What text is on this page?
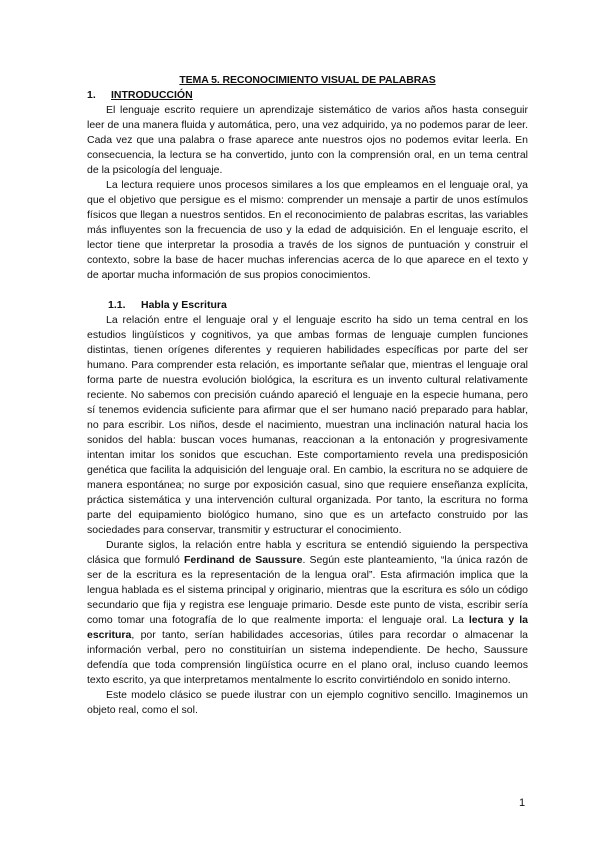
TEMA 5. RECONOCIMIENTO VISUAL DE PALABRAS
1.	INTRODUCCIÓN

El lenguaje escrito requiere un aprendizaje sistemático de varios años hasta conseguir leer de una manera fluida y automática, pero, una vez adquirido, ya no podemos parar de leer. Cada vez que una palabra o frase aparece ante nuestros ojos no podemos evitar leerla. En consecuencia, la lectura se ha convertido, junto con la comprensión oral, en un tema central de la psicología del lenguaje.

La lectura requiere unos procesos similares a los que empleamos en el lenguaje oral, ya que el objetivo que persigue es el mismo: comprender un mensaje a partir de unos estímulos físicos que llegan a nuestros sentidos. En el reconocimiento de palabras escritas, las variables más influyentes son la frecuencia de uso y la edad de adquisición. En el lenguaje escrito, el lector tiene que interpretar la prosodia a través de los signos de puntuación y construir el contexto, sobre la base de hacer muchas inferencias acerca de lo que aparece en el texto y de aportar mucha información de sus propios conocimientos.

1.1.	Habla y Escritura

La relación entre el lenguaje oral y el lenguaje escrito ha sido un tema central en los estudios lingüísticos y cognitivos, ya que ambas formas de lenguaje cumplen funciones distintas, tienen orígenes diferentes y requieren habilidades específicas por parte del ser humano. Para comprender esta relación, es importante señalar que, mientras el lenguaje oral forma parte de nuestra evolución biológica, la escritura es un invento cultural relativamente reciente. No sabemos con precisión cuándo apareció el lenguaje en la especie humana, pero sí tenemos evidencia suficiente para afirmar que el ser humano nació preparado para hablar, no para escribir. Los niños, desde el nacimiento, muestran una inclinación natural hacia los sonidos del habla: buscan voces humanas, reaccionan a la entonación y progresivamente intentan imitar los sonidos que escuchan. Este comportamiento revela una predisposición genética que facilita la adquisición del lenguaje oral. En cambio, la escritura no se adquiere de manera espontánea; no surge por exposición casual, sino que requiere enseñanza explícita, práctica sistemática y una intervención cultural organizada. Por tanto, la escritura no forma parte del equipamiento biológico humano, sino que es un artefacto construido por las sociedades para conservar, transmitir y estructurar el conocimiento.

Durante siglos, la relación entre habla y escritura se entendió siguiendo la perspectiva clásica que formuló Ferdinand de Saussure. Según este planteamiento, “la única razón de ser de la escritura es la representación de la lengua oral”. Esta afirmación implica que la lengua hablada es el sistema principal y originario, mientras que la escritura es sólo un código secundario que fija y registra ese lenguaje primario. Desde este punto de vista, escribir sería como tomar una fotografía de lo que realmente importa: el lenguaje oral. La lectura y la escritura, por tanto, serían habilidades accesorias, útiles para recordar o almacenar la información verbal, pero no constituirían un sistema independiente. De hecho, Saussure defendía que toda comprensión lingüística ocurre en el plano oral, incluso cuando leemos texto escrito, ya que interpretamos mentalmente lo escrito convirtiéndolo en sonido interno.

Este modelo clásico se puede ilustrar con un ejemplo cognitivo sencillo. Imaginemos un objeto real, como el sol.

1
